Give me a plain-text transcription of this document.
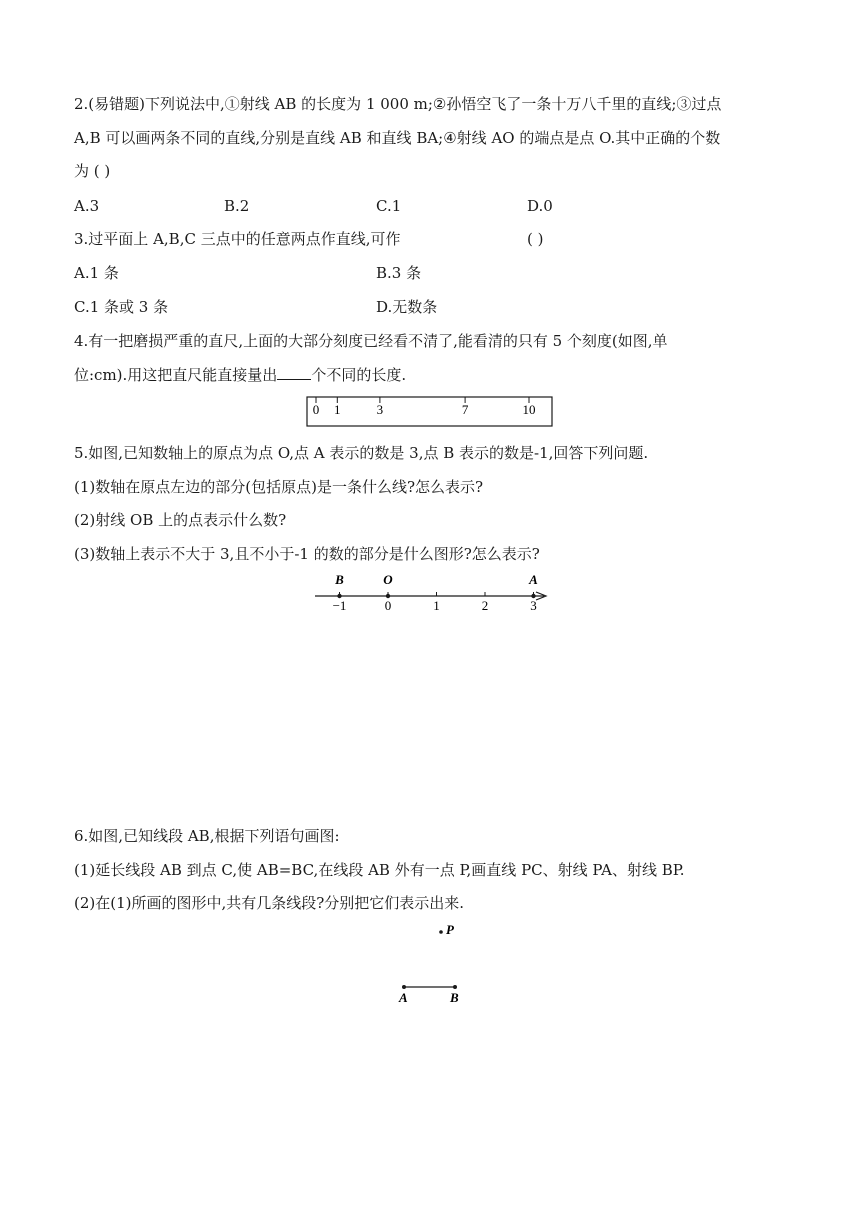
2.(易错题)下列说法中,①射线 AB 的长度为 1 000 m;②孙悟空飞了一条十万八千里的直线;③过点
A,B 可以画两条不同的直线,分别是直线 AB 和直线 BA;④射线 AO 的端点是点 O.其中正确的个数
为 ( )
A.3	B.2	C.1	D.0
3.过平面上 A,B,C 三点中的任意两点作直线,可作	( )
A.1 条	B.3 条
C.1 条或 3 条	D.无数条
4.有一把磨损严重的直尺,上面的大部分刻度已经看不清了,能看清的只有 5 个刻度(如图,单
位:cm).用这把直尺能直接量出 个不同的长度.
0 1	3	7	10
5.如图,已知数轴上的原点为点 O,点 A 表示的数是 3,点 B 表示的数是-1,回答下列问题.
(1)数轴在原点左边的部分(包括原点)是一条什么线?怎么表示?
(2)射线 OB 上的点表示什么数?
(3)数轴上表示不大于 3,且不小于-1 的数的部分是什么图形?怎么表示?
−1	0	1	2	3
B	O	A
6.如图,已知线段 AB,根据下列语句画图:
(1)延长线段 AB 到点 C,使 AB=BC,在线段 AB 外有一点 P,画直线 PC、射线 PA、射线 BP.
(2)在(1)所画的图形中,共有几条线段?分别把它们表示出来.
P
A	B
